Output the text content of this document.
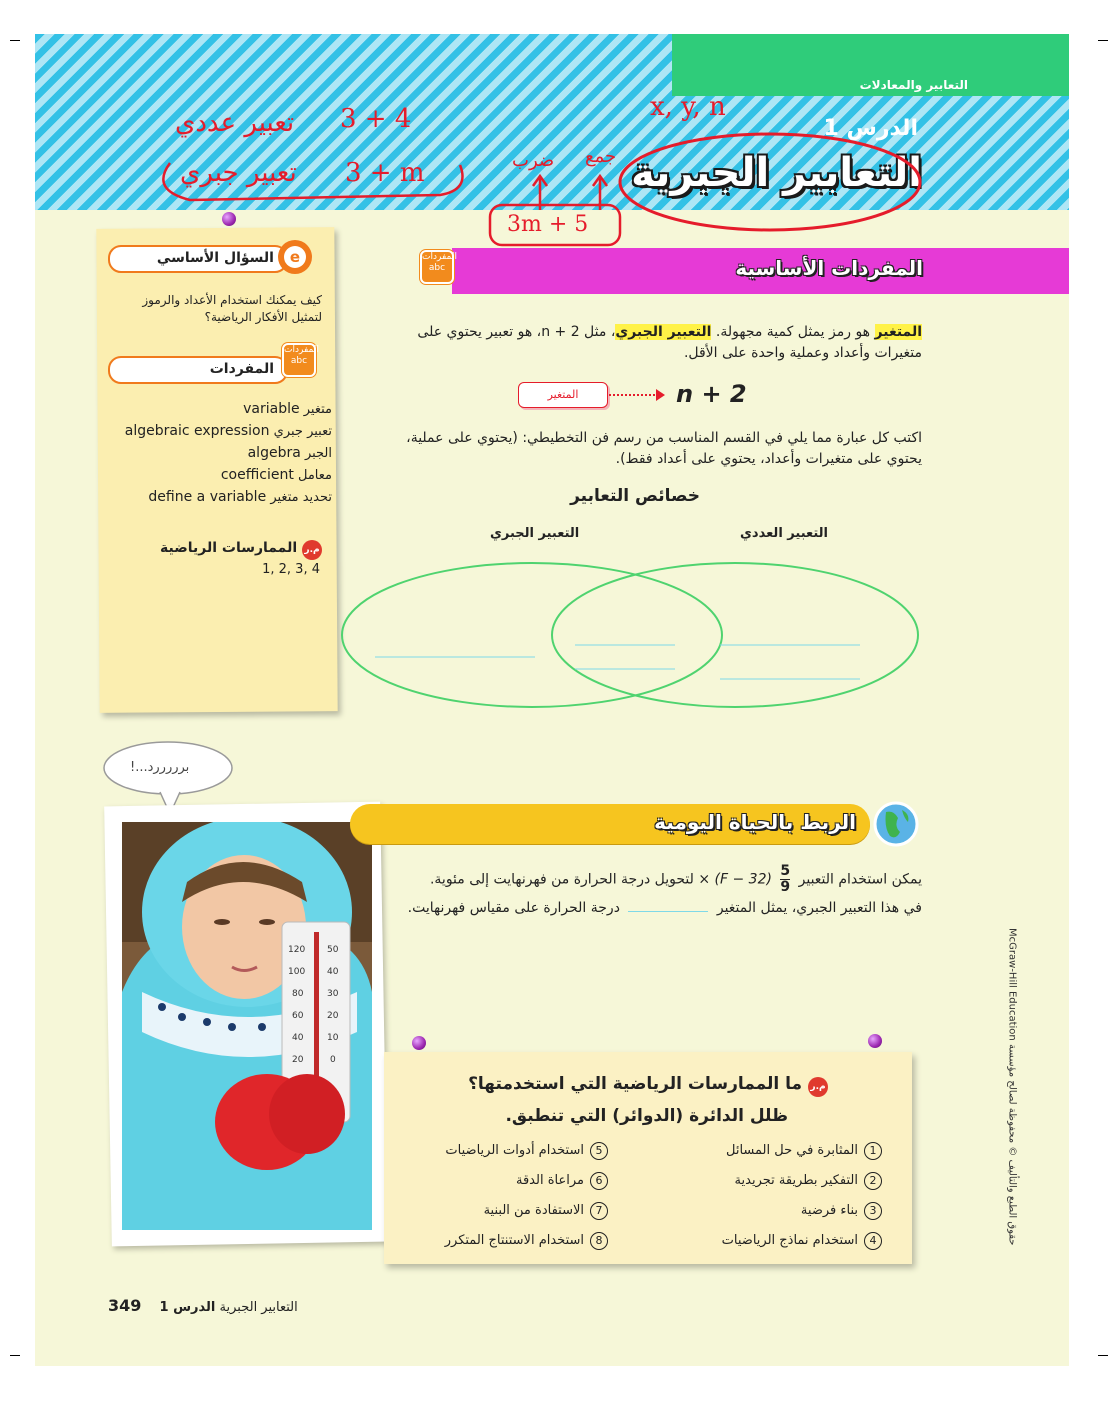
التعابير والمعادلات
الدرس 1
التعابير الجبرية
تعبير عددي 3 + 4
تعبير جبري 3 + m
x, y, n
ضرب جمع
3m + 5
السؤال الأساسي e
كيف يمكنك استخدام الأعداد والرموز لتمثيل الأفكار الرياضية؟
المفردات
المفردات
abc
متغير variable
تعبير جبري algebraic expression
الجبر algebra
معامل coefficient
تحديد متغير define a variable
م.ر الممارسات الرياضية
1, 2, 3, 4
المفردات الأساسية
المفردات
abc
المتغير هو رمز يمثل كمية مجهولة. التعبير الجبري، مثل n + 2، هو تعبير يحتوي على متغيرات وأعداد وعملية واحدة على الأقل.
المتغير	n + 2
اكتب كل عبارة مما يلي في القسم المناسب من رسم فن التخطيطي: (يحتوي على عملية، يحتوي على متغيرات وأعداد، يحتوي على أعداد فقط).
خصائص التعابير
التعبير الجبري	التعبير العددي
برررررد...!
120
100
80
60
40
20
50
40
30
20
10
0
الربط بالحياة اليومية
يمكن استخدام التعبير
$\frac{5}{9}$
× (F − 32) لتحويل درجة الحرارة من فهرنهايت إلى مئوية.
في هذا التعبير الجبري، يمثل المتغير  درجة الحرارة على مقياس فهرنهايت.
حقوق الطبع والتأليف © محفوظة لصالح مؤسسة McGraw-Hill Education
م.ر ما الممارسات الرياضية التي استخدمتها؟
ظلل الدائرة (الدوائر) التي تنطبق.
1المثابرة في حل المسائل
2التفكير بطريقة تجريدية
3بناء فرضية
4استخدام نماذج الرياضيات
5استخدام أدوات الرياضيات
6مراعاة الدقة
7الاستفادة من البنية
8استخدام الاستنتاج المتكرر
349	التعابير الجبرية الدرس 1
